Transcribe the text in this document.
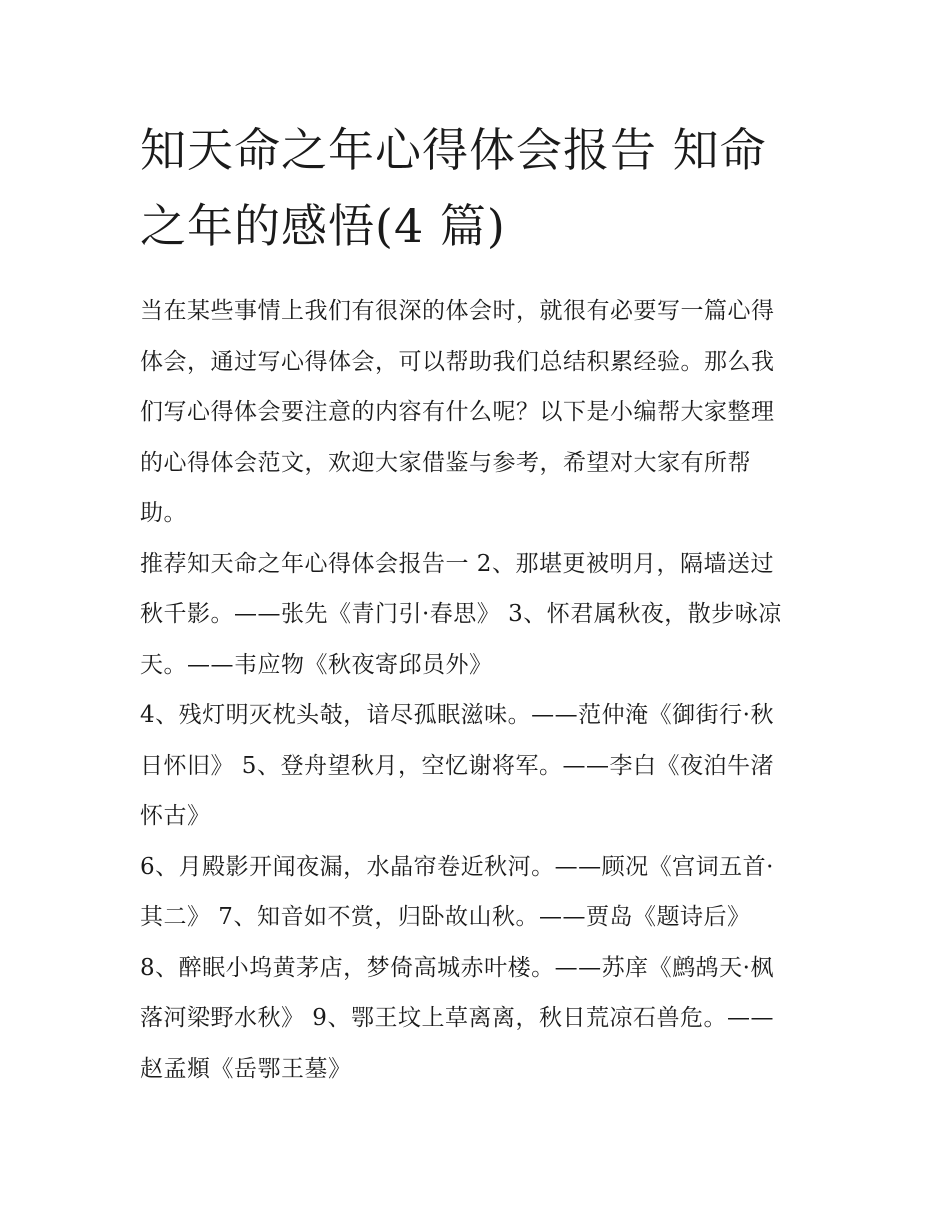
知天命之年心得体会报告 知命
之年的感悟(4 篇)

当在某些事情上我们有很深的体会时，就很有必要写一篇心得
体会，通过写心得体会，可以帮助我们总结积累经验。那么我
们写心得体会要注意的内容有什么呢？以下是小编帮大家整理
的心得体会范文，欢迎大家借鉴与参考，希望对大家有所帮
助。

推荐知天命之年心得体会报告一 2、那堪更被明月，隔墙送过
秋千影。——张先《青门引·春思》 3、怀君属秋夜，散步咏凉
天。——韦应物《秋夜寄邱员外》

4、残灯明灭枕头攲，谙尽孤眠滋味。——范仲淹《御街行·秋
日怀旧》 5、登舟望秋月，空忆谢将军。——李白《夜泊牛渚
怀古》

6、月殿影开闻夜漏，水晶帘卷近秋河。——顾况《宫词五首·
其二》 7、知音如不赏，归卧故山秋。——贾岛《题诗后》

8、醉眠小坞黄茅店，梦倚高城赤叶楼。——苏庠《鹧鸪天·枫
落河梁野水秋》 9、鄂王坟上草离离，秋日荒凉石兽危。——
赵孟頫《岳鄂王墓》
